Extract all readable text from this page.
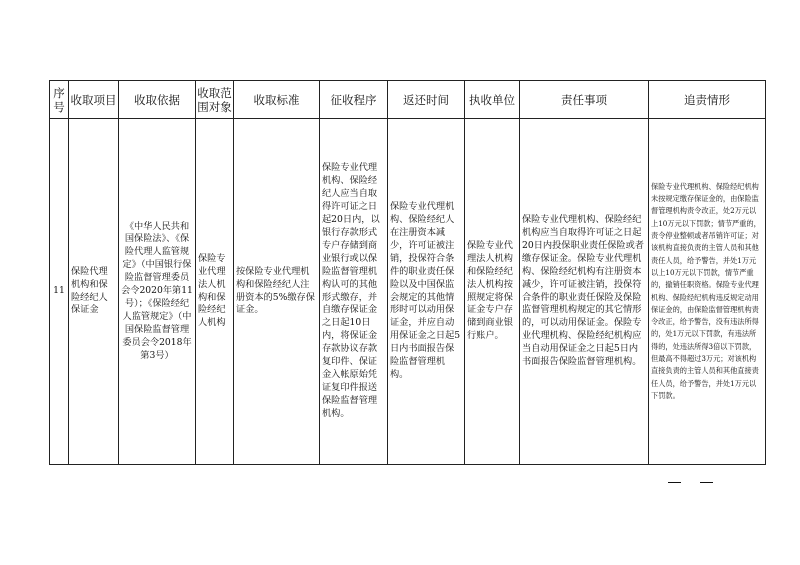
序号	收取项目	收取依据	收取范围对象	收取标准	征收程序	返还时间	执收单位	责任事项	追责情形

11	保险代理机构和保险经纪人保证金	《中华人民共和国保险法》、《保险代理人监管规定》（中国银行保险监督管理委员会令2020年第11号）；《保险经纪人监管规定》（中国保险监督管理委员会令2018年第3号）	保险专业代理法人机构和保险经纪人机构	按保险专业代理机构和保险经纪人注册资本的5%缴存保证金。	保险专业代理机构、保险经纪人应当自取得许可证之日起20日内，以银行存款形式专户存储到商业银行或以保险监督管理机构认可的其他形式缴存，并自缴存保证金之日起10日内，将保证金存款协议存款复印件、保证金入帐原始凭证复印件报送保险监督管理机构。	保险专业代理机构、保险经纪人在注册资本减少，许可证被注销，投保符合条件的职业责任保险以及中国保监会规定的其他情形时可以动用保证金，并应自动用保证金之日起5日内书面报告保险监督管理机构。	保险专业代理法人机构和保险经纪法人机构按照规定将保证金专户存储到商业银行账户。	保险专业代理机构、保险经纪机构应当自取得许可证之日起20日内投保职业责任保险或者缴存保证金。保险专业代理机构、保险经纪机构有注册资本减少，许可证被注销，投保符合条件的职业责任保险及保险监督管理机构规定的其它情形的，可以动用保证金。保险专业代理机构、保险经纪机构应当自动用保证金之日起5日内书面报告保险监督管理机构。	保险专业代理机构、保险经纪机构未按规定缴存保证金的，由保险监督管理机构责令改正，处2万元以上10万元以下罚款；情节严重的，责令停业整顿或者吊销许可证；对该机构直接负责的主管人员和其他责任人员，给予警告，并处1万元以上10万元以下罚款，情节严重的，撤销任职资格。保险专业代理机构、保险经纪机构违反规定动用保证金的，由保险监督管理机构责令改正，给予警告，没有违法所得的，处1万元以下罚款，有违法所得的，处违法所得3倍以下罚款，但最高不得超过3万元；对该机构直接负责的主管人员和其他直接责任人员，给予警告，并处1万元以下罚款。
